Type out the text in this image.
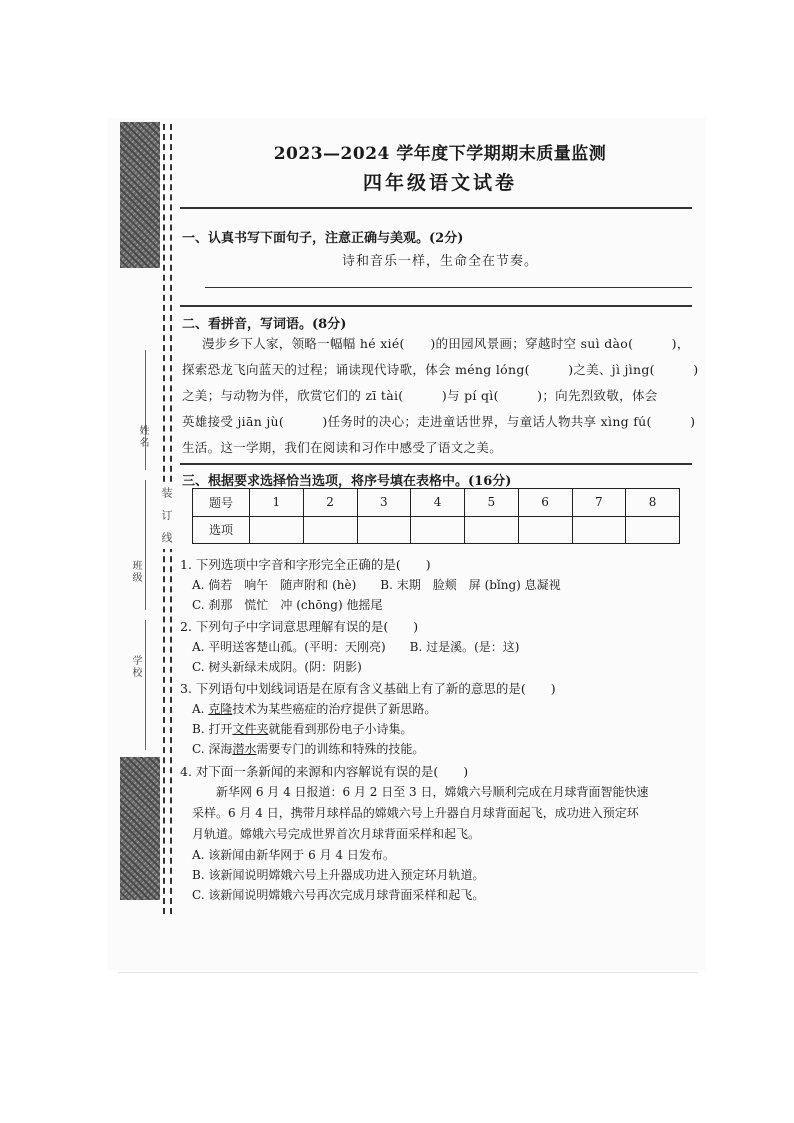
姓名
班级
学校
装 订 线
2023—2024 学年度下学期期末质量监测
四年级语文试卷
一、认真书写下面句子，注意正确与美观。(2分)
诗和音乐一样，生命全在节奏。
二、看拼音，写词语。(8分)

漫步乡下人家，领略一幅幅 hé xié(　　)的田园风景画；穿越时空 suì dào(　　　)，

探索恐龙飞向蓝天的过程；诵读现代诗歌，体会 méng lóng(　　　)之美、jì jìng(　　　)

之美；与动物为伴，欣赏它们的 zī tài(　　　)与 pí qì(　　　)；向先烈致敬，体会

英雄接受 jiān jù(　　　)任务时的决心；走进童话世界，与童话人物共享 xìng fú(　　　)

生活。这一学期，我们在阅读和习作中感受了语文之美。

三、根据要求选择恰当选项，将序号填在表格中。(16分)
题号	1	2	3	4	5	6	7	8
选项								

1. 下列选项中字音和字形完全正确的是(　　)

A. 倘若　响午　随声附和 (hè)　　B. 末期　脸颊　屏 (bǐng) 息凝视

C. 刹那　慌忙　冲 (chōng) 他摇尾

2. 下列句子中字词意思理解有误的是(　　)

A. 平明送客楚山孤。(平明：天刚亮)　　B. 过是溪。(是：这)

C. 树头新绿未成阴。(阴：阴影)

3. 下列语句中划线词语是在原有含义基础上有了新的意思的是(　　)

A. 克隆技术为某些癌症的治疗提供了新思路。

B. 打开文件夹就能看到那份电子小诗集。

C. 深海潜水需要专门的训练和特殊的技能。

4. 对下面一条新闻的来源和内容解说有误的是(　　)

　　新华网 6 月 4 日报道：6 月 2 日至 3 日，嫦娥六号顺利完成在月球背面智能快速

采样。6 月 4 日，携带月球样品的嫦娥六号上升器自月球背面起飞，成功进入预定环

月轨道。嫦娥六号完成世界首次月球背面采样和起飞。

A. 该新闻由新华网于 6 月 4 日发布。

B. 该新闻说明嫦娥六号上升器成功进入预定环月轨道。

C. 该新闻说明嫦娥六号再次完成月球背面采样和起飞。
